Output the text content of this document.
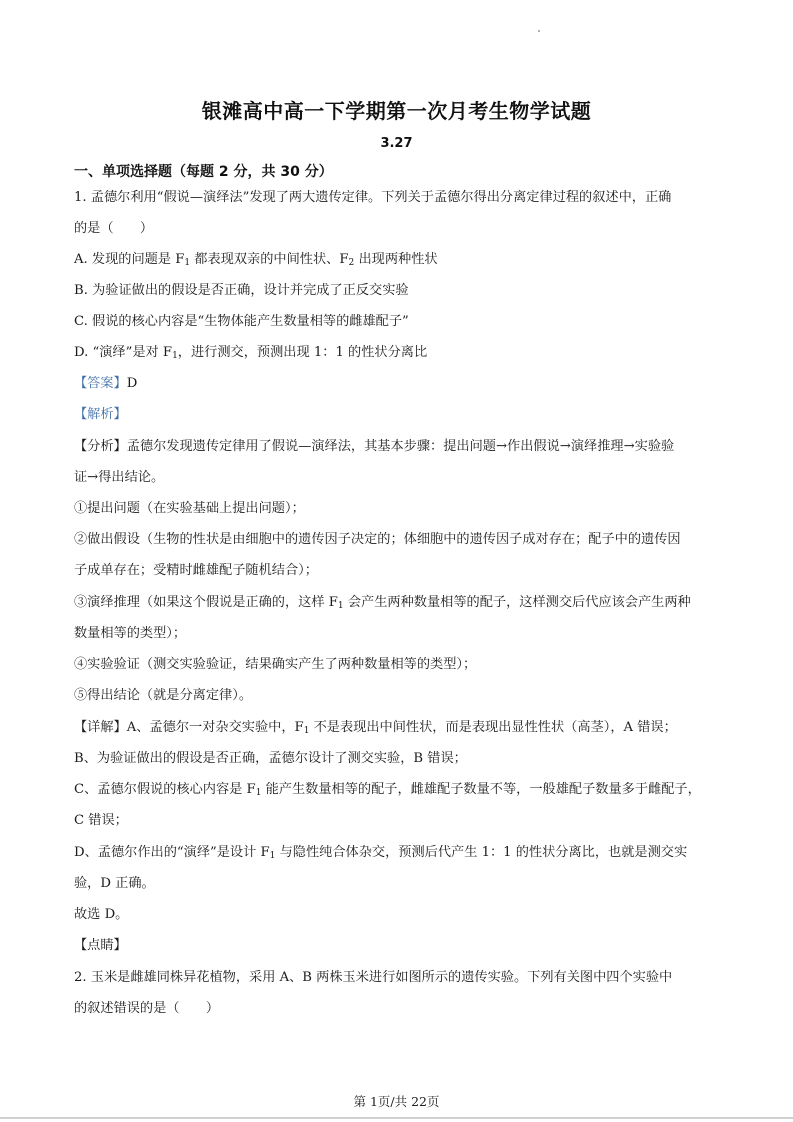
银滩高中高一下学期第一次月考生物学试题
3.27
一、单项选择题（每题 2 分，共 30 分）
1. 孟德尔利用“假说—演绎法”发现了两大遗传定律。下列关于孟德尔得出分离定律过程的叙述中，正确
的是（　　）
A. 发现的问题是 $F_1$ 都表现双亲的中间性状、$F_2$ 出现两种性状
B. 为验证做出的假设是否正确，设计并完成了正反交实验
C. 假说的核心内容是“生物体能产生数量相等的雌雄配子”
D. “演绎”是对 $F_1$，进行测交，预测出现 1：1 的性状分离比
【答案】D
【解析】
【分析】孟德尔发现遗传定律用了假说—演绎法，其基本步骤：提出问题→作出假说→演绎推理→实验验
证→得出结论。
①提出问题（在实验基础上提出问题）；
②做出假设（生物的性状是由细胞中的遗传因子决定的；体细胞中的遗传因子成对存在；配子中的遗传因
子成单存在；受精时雌雄配子随机结合）；
③演绎推理（如果这个假说是正确的，这样 $F_1$ 会产生两种数量相等的配子，这样测交后代应该会产生两种
数量相等的类型）；
④实验验证（测交实验验证，结果确实产生了两种数量相等的类型）；
⑤得出结论（就是分离定律）。
【详解】A、孟德尔一对杂交实验中，$F_1$ 不是表现出中间性状，而是表现出显性性状（高茎），A 错误；
B、为验证做出的假设是否正确，孟德尔设计了测交实验，B 错误；
C、孟德尔假说的核心内容是 $F_1$ 能产生数量相等的配子，雌雄配子数量不等，一般雄配子数量多于雌配子，
C 错误；
D、孟德尔作出的“演绎”是设计 $F_1$ 与隐性纯合体杂交，预测后代产生 1：1 的性状分离比，也就是测交实
验，D 正确。
故选 D。
【点睛】
2. 玉米是雌雄同株异花植物，采用 A、B 两株玉米进行如图所示的遗传实验。下列有关图中四个实验中
的叙述错误的是（　　）
第 1页/共 22页
